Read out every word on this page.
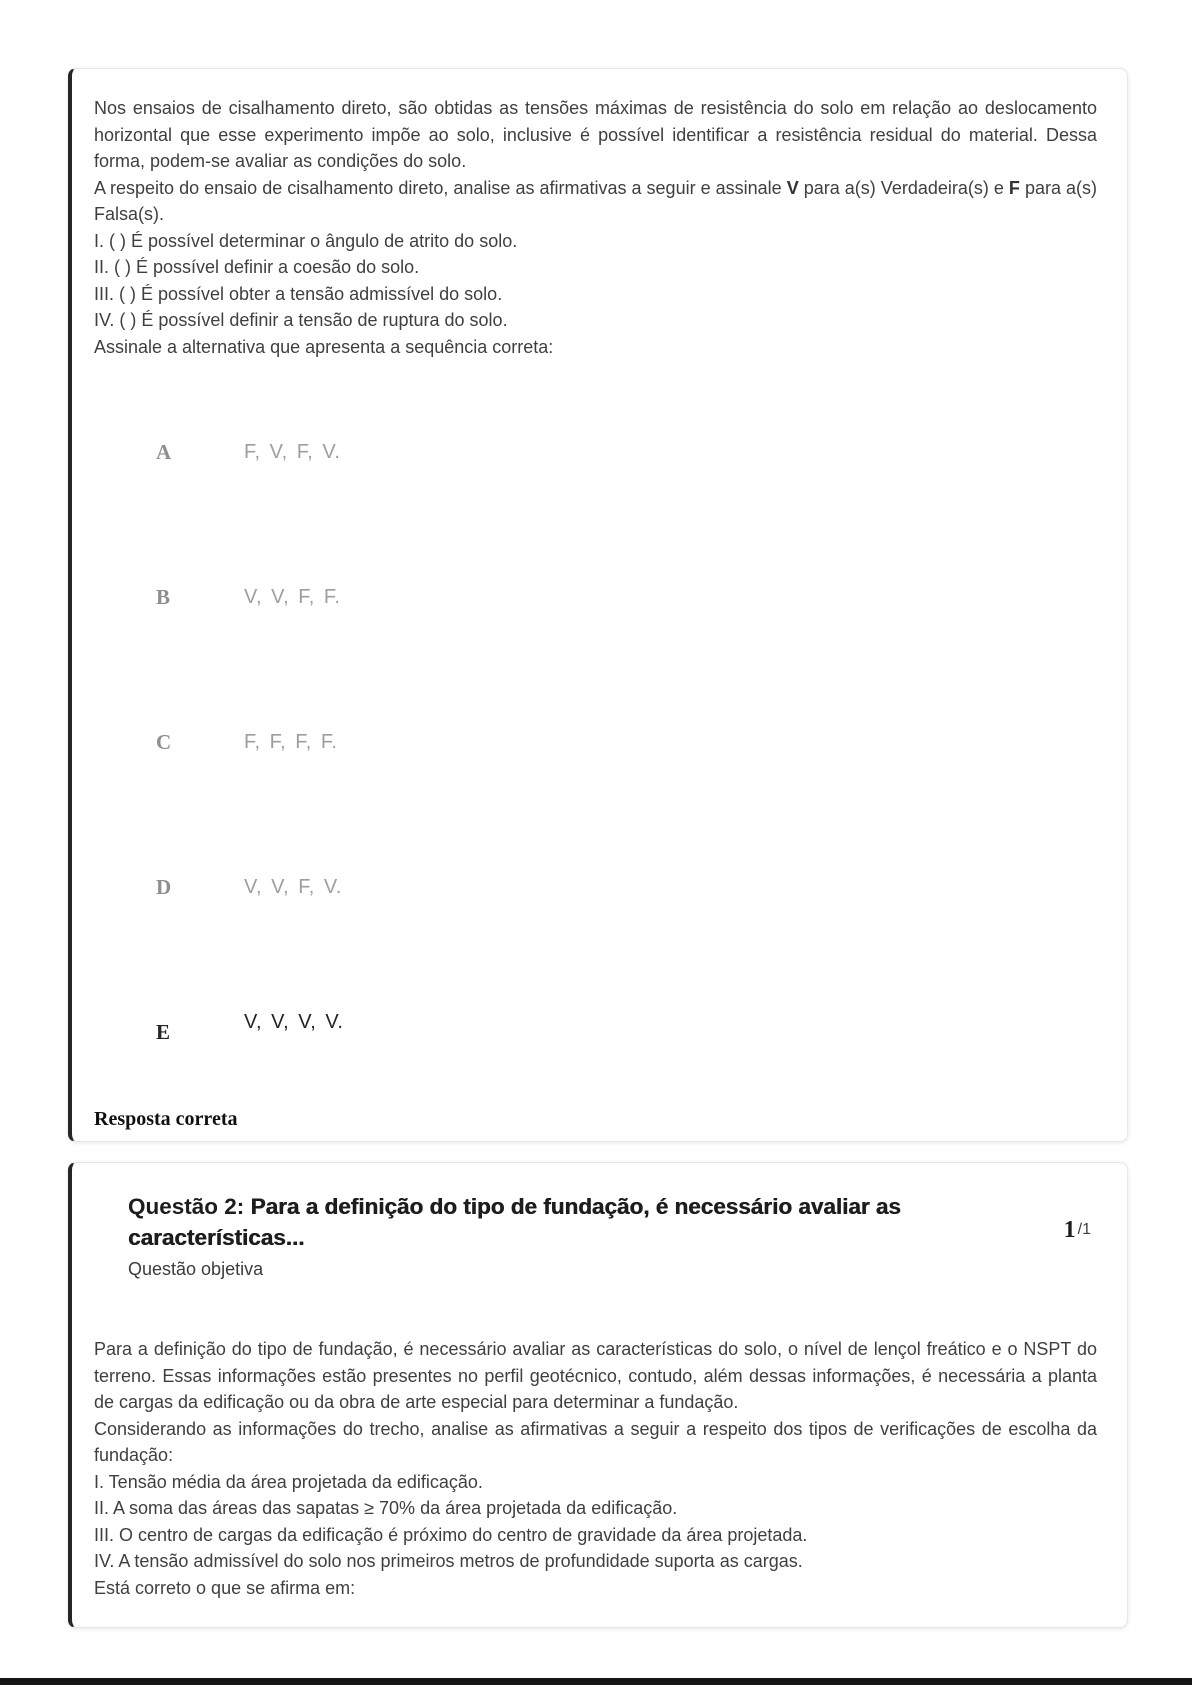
Nos ensaios de cisalhamento direto, são obtidas as tensões máximas de resistência do solo em relação ao deslocamento horizontal que esse experimento impõe ao solo, inclusive é possível identificar a resistência residual do material. Dessa forma, podem-se avaliar as condições do solo.

A respeito do ensaio de cisalhamento direto, analise as afirmativas a seguir e assinale V para a(s) Verdadeira(s) e F para a(s) Falsa(s).

I. ( ) É possível determinar o ângulo de atrito do solo.

II. ( ) É possível definir a coesão do solo.

III. ( ) É possível obter a tensão admissível do solo.

IV. ( ) É possível definir a tensão de ruptura do solo.

Assinale a alternativa que apresenta a sequência correta:

A	F, V, F, V.
B	V, V, F, F.
C	F, F, F, F.
D	V, V, F, V.
E	V, V, V, V.
Resposta correta
Questão 2: Para a definição do tipo de fundação, é necessário avaliar as características...	1 /1
Questão objetiva

Para a definição do tipo de fundação, é necessário avaliar as características do solo, o nível de lençol freático e o NSPT do terreno. Essas informações estão presentes no perfil geotécnico, contudo, além dessas informações, é necessária a planta de cargas da edificação ou da obra de arte especial para determinar a fundação.

Considerando as informações do trecho, analise as afirmativas a seguir a respeito dos tipos de verificações de escolha da fundação:

I. Tensão média da área projetada da edificação.

II. A soma das áreas das sapatas ≥ 70% da área projetada da edificação.

III. O centro de cargas da edificação é próximo do centro de gravidade da área projetada.

IV. A tensão admissível do solo nos primeiros metros de profundidade suporta as cargas.

Está correto o que se afirma em:
